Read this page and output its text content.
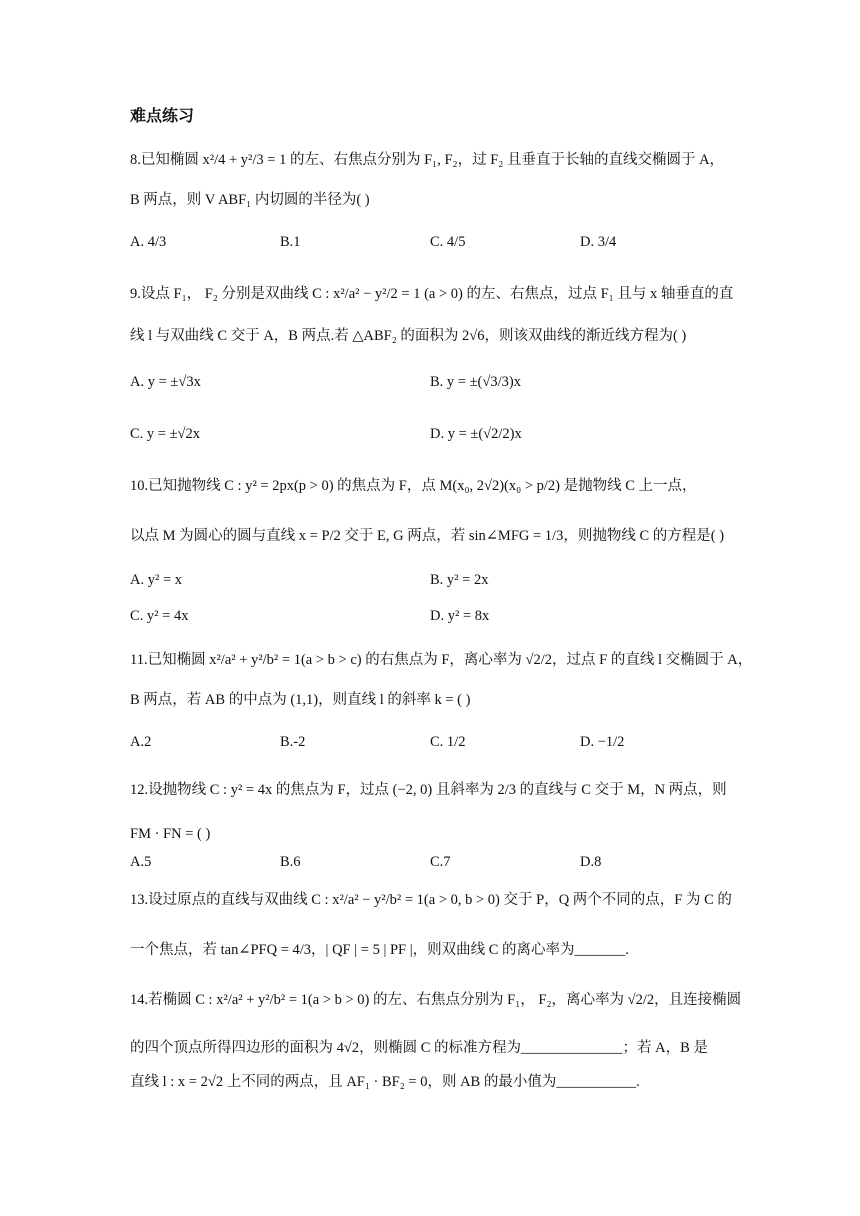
难点练习
8.已知椭圆 x²/4 + y²/3 = 1 的左、右焦点分别为 F₁, F₂，过 F₂ 且垂直于长轴的直线交椭圆于 A，
B 两点，则 V ABF₁ 内切圆的半径为( )
A. 4/3	B.1	C. 4/5	D. 3/4
9.设点 F₁， F₂ 分别是双曲线 C : x²/a² − y²/2 = 1 (a > 0) 的左、右焦点，过点 F₁ 且与 x 轴垂直的直
线 l 与双曲线 C 交于 A，B 两点.若 △ABF₂ 的面积为 2√6，则该双曲线的渐近线方程为( )
A. y = ±√3x	B. y = ±(√3/3)x
C. y = ±√2x	D. y = ±(√2/2)x
10.已知抛物线 C : y² = 2px(p > 0) 的焦点为 F，点 M(x₀, 2√2)(x₀ > p/2) 是抛物线 C 上一点，
以点 M 为圆心的圆与直线 x = P/2 交于 E, G 两点，若 sin∠MFG = 1/3，则抛物线 C 的方程是( )
A. y² = x	B. y² = 2x
C. y² = 4x	D. y² = 8x
11.已知椭圆 x²/a² + y²/b² = 1(a > b > c) 的右焦点为 F，离心率为 √2/2，过点 F 的直线 l 交椭圆于 A，
B 两点，若 AB 的中点为 (1,1)，则直线 l 的斜率 k = ( )
A.2	B.-2	C. 1/2	D. −1/2
12.设抛物线 C : y² = 4x 的焦点为 F，过点 (−2, 0) 且斜率为 2/3 的直线与 C 交于 M，N 两点，则
FM · FN = ( )
A.5	B.6	C.7	D.8
13.设过原点的直线与双曲线 C : x²/a² − y²/b² = 1(a > 0, b > 0) 交于 P，Q 两个不同的点，F 为 C 的
一个焦点，若 tan∠PFQ = 4/3，| QF | = 5 | PF |，则双曲线 C 的离心率为_______.
14.若椭圆 C : x²/a² + y²/b² = 1(a > b > 0) 的左、右焦点分别为 F₁， F₂，离心率为 √2/2，且连接椭圆
的四个顶点所得四边形的面积为 4√2，则椭圆 C 的标准方程为______________；若 A，B 是
直线 l : x = 2√2 上不同的两点，且 AF₁ · BF₂ = 0，则 AB 的最小值为___________.
